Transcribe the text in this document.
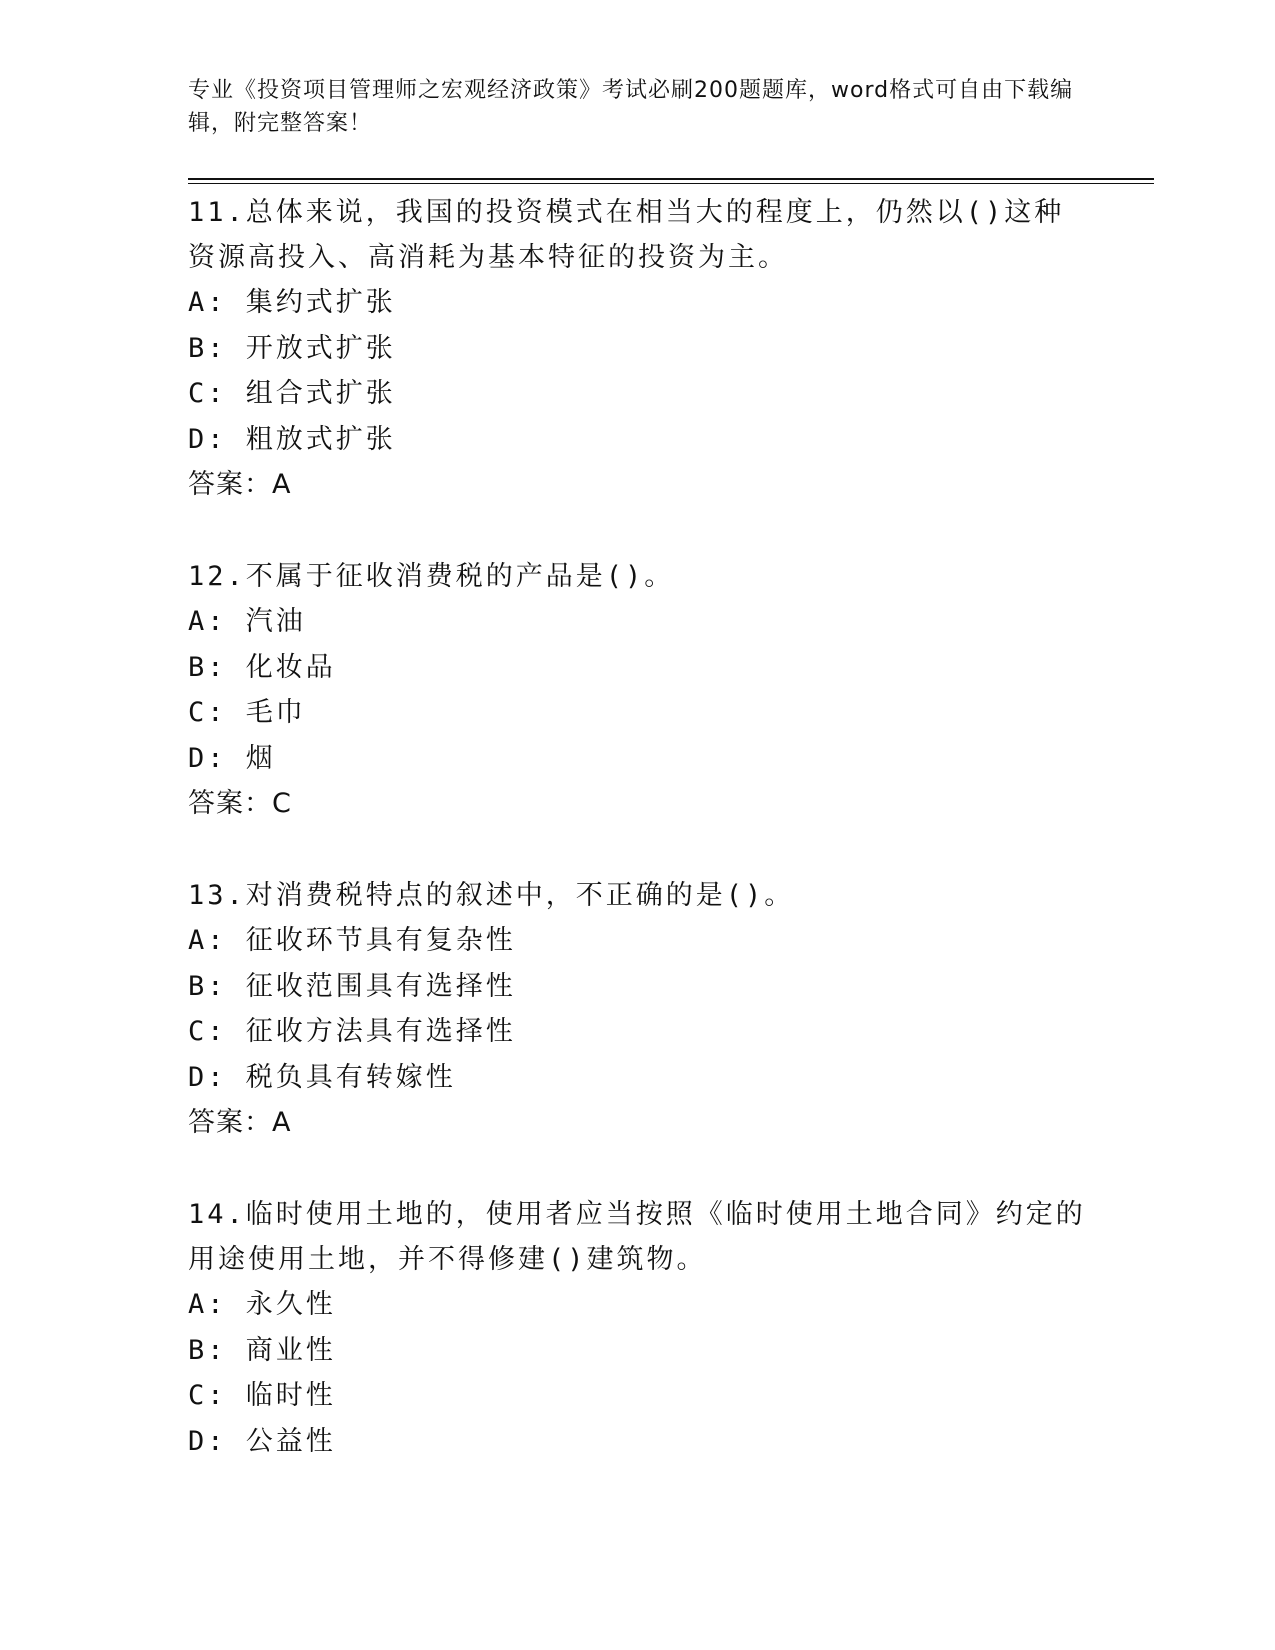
专业《投资项目管理师之宏观经济政策》考试必刷200题题库，word格式可自由下载编辑，附完整答案！

11.总体来说，我国的投资模式在相当大的程度上，仍然以()这种资源高投入、高消耗为基本特征的投资为主。

A: 集约式扩张

B: 开放式扩张

C: 组合式扩张

D: 粗放式扩张

答案：A

12.不属于征收消费税的产品是()。

A: 汽油

B: 化妆品

C: 毛巾

D: 烟

答案：C

13.对消费税特点的叙述中，不正确的是()。

A: 征收环节具有复杂性

B: 征收范围具有选择性

C: 征收方法具有选择性

D: 税负具有转嫁性

答案：A

14.临时使用土地的，使用者应当按照《临时使用土地合同》约定的用途使用土地，并不得修建()建筑物。

A: 永久性

B: 商业性

C: 临时性

D: 公益性
